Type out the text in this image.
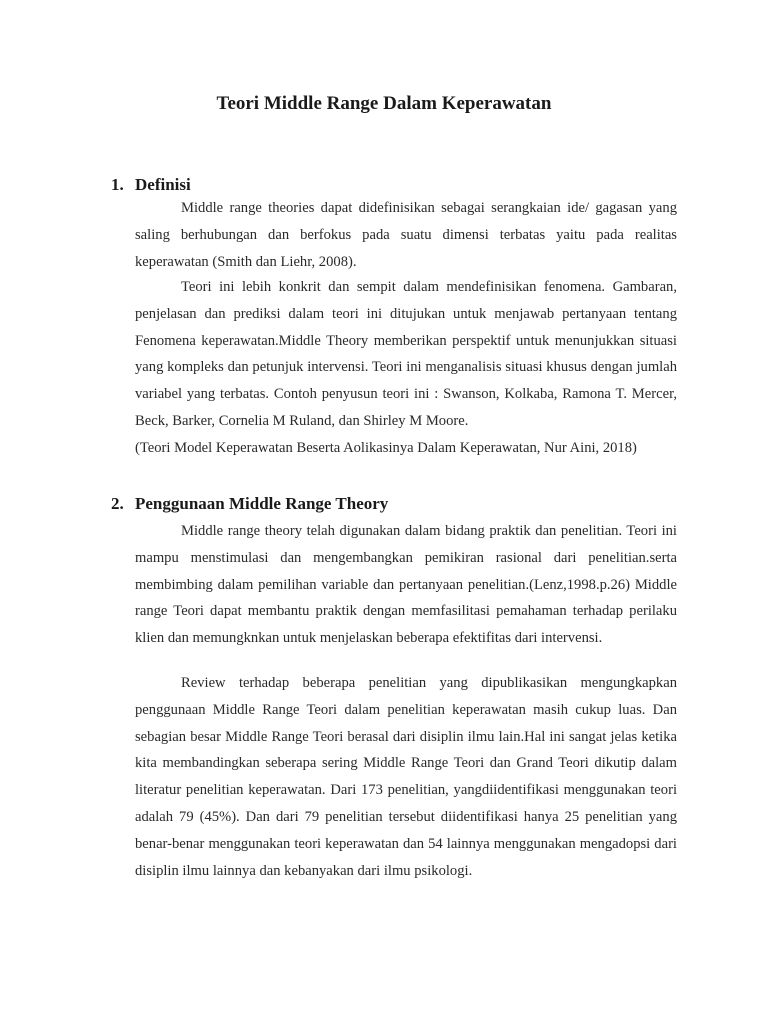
Teori Middle Range Dalam Keperawatan
1. Definisi

Middle range theories dapat didefinisikan sebagai serangkaian ide/ gagasan yang saling berhubungan dan berfokus pada suatu dimensi terbatas yaitu pada realitas keperawatan (Smith dan Liehr, 2008).

Teori ini lebih konkrit dan sempit dalam mendefinisikan fenomena. Gambaran, penjelasan dan prediksi dalam teori ini ditujukan untuk menjawab pertanyaan tentang Fenomena keperawatan.Middle Theory memberikan perspektif untuk menunjukkan situasi yang kompleks dan petunjuk intervensi. Teori ini menganalisis situasi khusus dengan jumlah variabel yang terbatas. Contoh penyusun teori ini : Swanson, Kolkaba, Ramona T. Mercer, Beck, Barker, Cornelia M Ruland, dan Shirley M Moore.

(Teori Model Keperawatan Beserta Aolikasinya Dalam Keperawatan, Nur Aini, 2018)
2. Penggunaan Middle Range Theory

Middle range theory telah digunakan dalam bidang praktik dan penelitian. Teori ini mampu menstimulasi dan mengembangkan pemikiran rasional dari penelitian.serta membimbing dalam pemilihan variable dan pertanyaan penelitian.(Lenz,1998.p.26) Middle range Teori dapat membantu praktik dengan memfasilitasi pemahaman terhadap perilaku klien dan memungknkan untuk menjelaskan beberapa efektifitas dari intervensi.

Review terhadap beberapa penelitian yang dipublikasikan mengungkapkan penggunaan Middle Range Teori dalam penelitian keperawatan masih cukup luas. Dan sebagian besar Middle Range Teori berasal dari disiplin ilmu lain.Hal ini sangat jelas ketika kita membandingkan seberapa sering Middle Range Teori dan Grand Teori dikutip dalam literatur penelitian keperawatan. Dari 173 penelitian, yangdiidentifikasi menggunakan teori adalah 79 (45%). Dan dari 79 penelitian tersebut diidentifikasi hanya 25 penelitian yang benar-benar menggunakan teori keperawatan dan 54 lainnya menggunakan mengadopsi dari disiplin ilmu lainnya dan kebanyakan dari ilmu psikologi.
